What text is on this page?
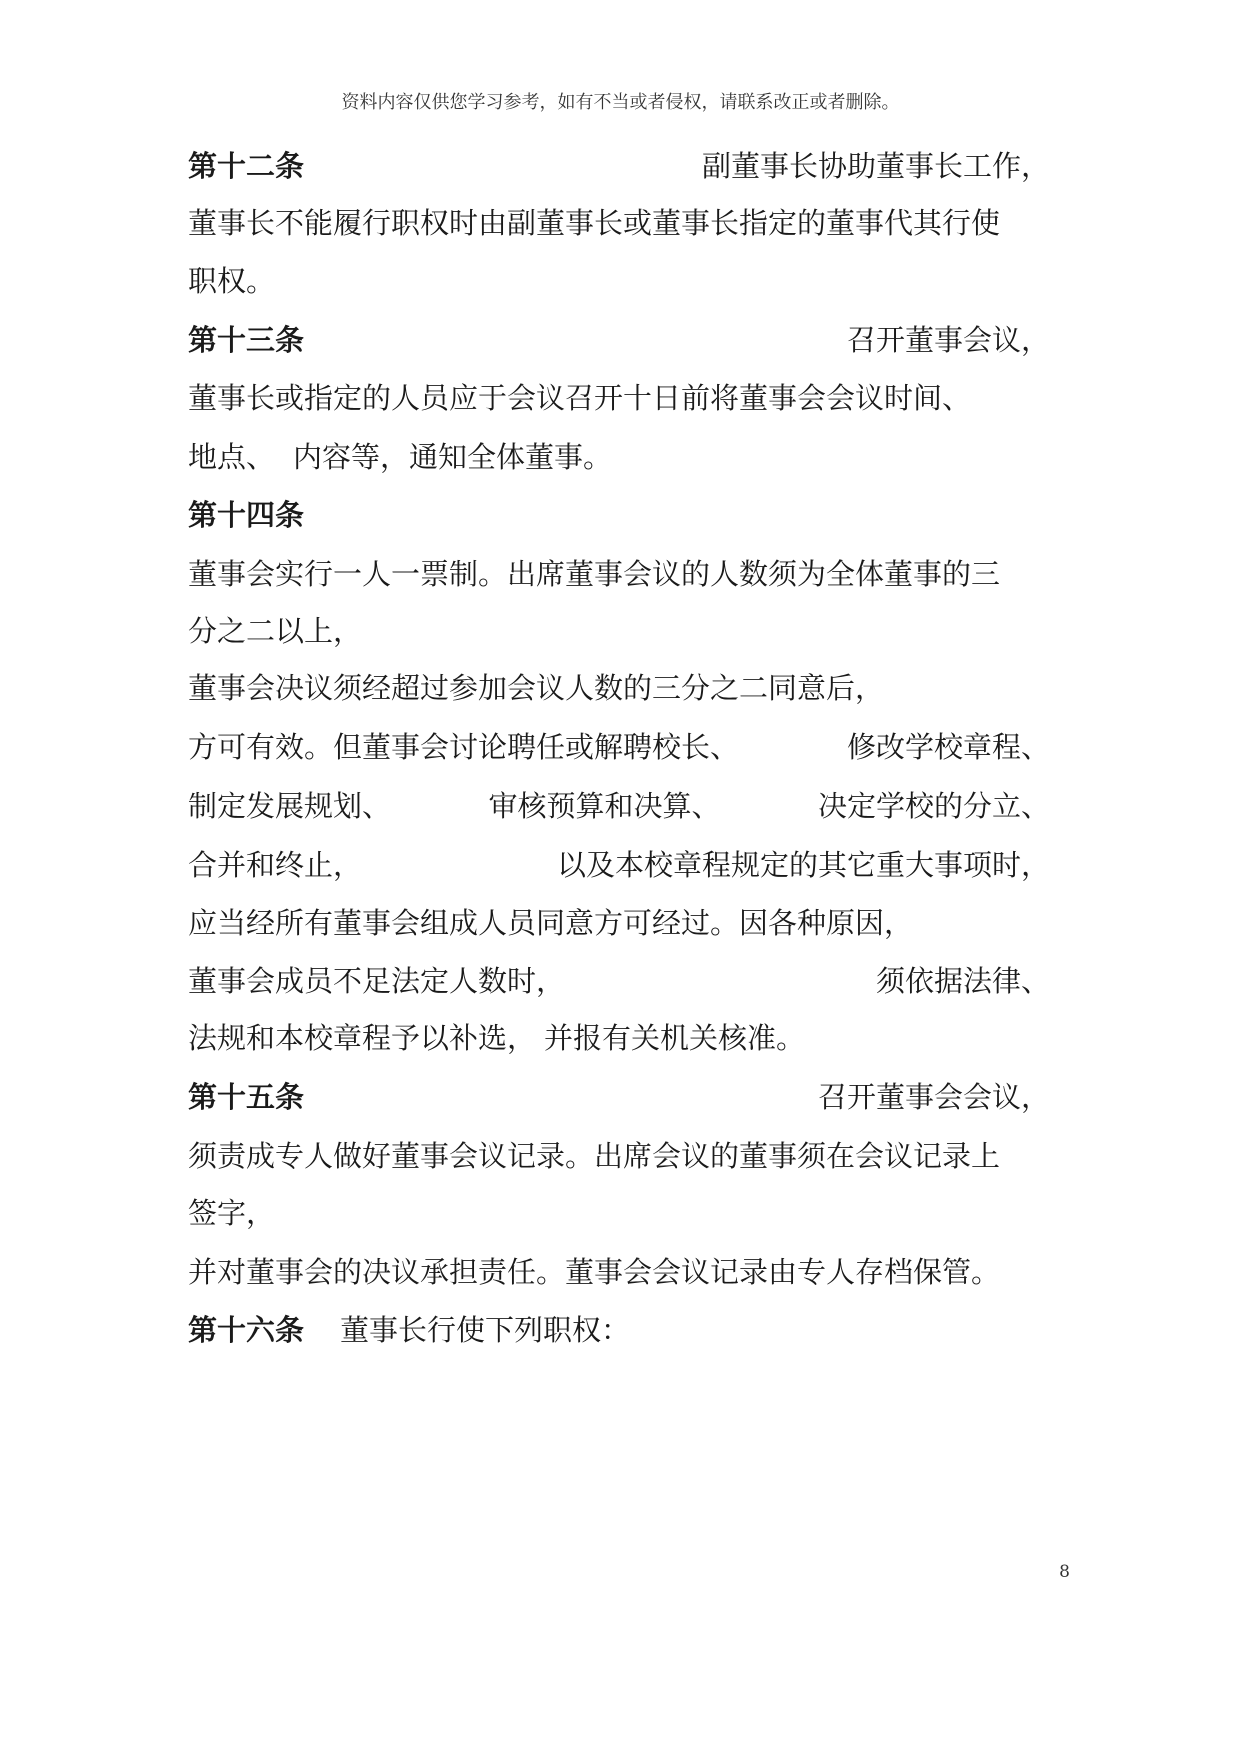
资料内容仅供您学习参考，如有不当或者侵权，请联系改正或者删除。
第十二条	副董事长协助董事长工作，
董事长不能履行职权时由副董事长或董事长指定的董事代其行使
职权。
第十三条	召开董事会议，
董事长或指定的人员应于会议召开十日前将董事会会议时间、
地点、 内容等，通知全体董事。
第十四条
董事会实行一人一票制。出席董事会议的人数须为全体董事的三
分之二以上，
董事会决议须经超过参加会议人数的三分之二同意后，
方可有效。但董事会讨论聘任或解聘校长、	修改学校章程、
制定发展规划、	审核预算和决算、	决定学校的分立、
合并和终止，	以及本校章程规定的其它重大事项时，
应当经所有董事会组成人员同意方可经过。因各种原因，
董事会成员不足法定人数时，	须依据法律、
法规和本校章程予以补选， 并报有关机关核准。
第十五条	召开董事会会议，
须责成专人做好董事会议记录。出席会议的董事须在会议记录上
签字，
并对董事会的决议承担责任。董事会会议记录由专人存档保管。
第十六条 董事长行使下列职权：
8
